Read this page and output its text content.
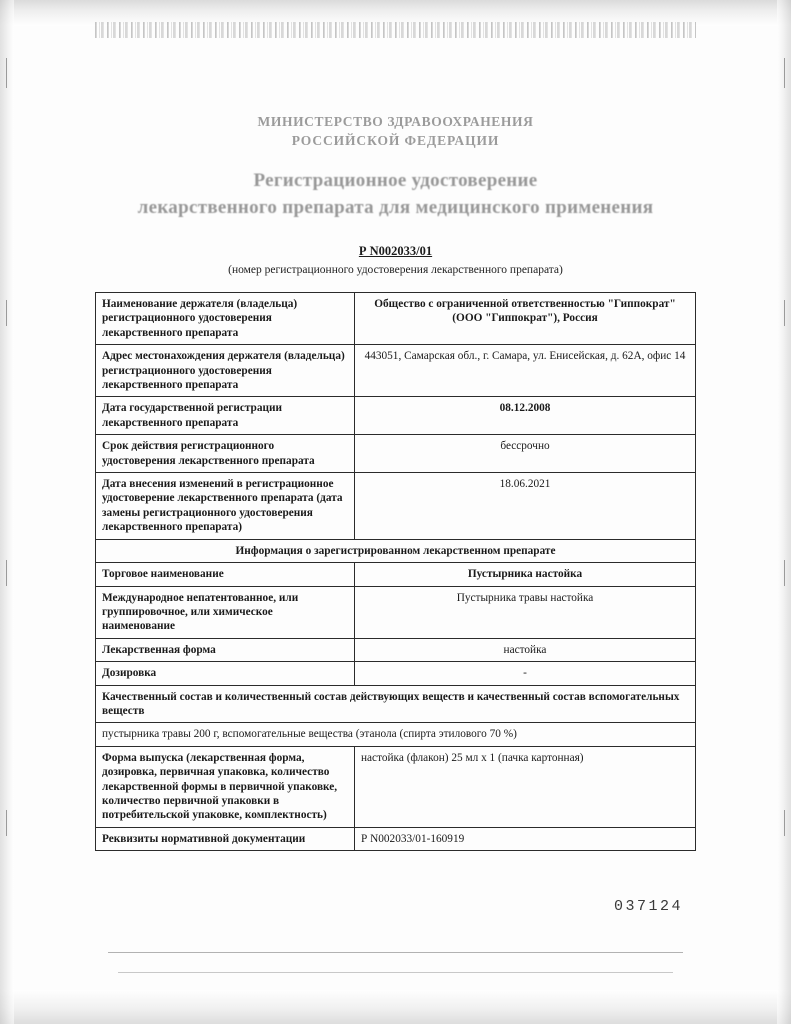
МИНИСТЕРСТВО ЗДРАВООХРАНЕНИЯ
РОССИЙСКОЙ ФЕДЕРАЦИИ
Регистрационное удостоверение
лекарственного препарата для медицинского применения
Р N002033/01
(номер регистрационного удостоверения лекарственного препарата)
Наименование держателя (владельца) регистрационного удостоверения лекарственного препарата	Общество с ограниченной ответственностью "Гиппократ" (ООО "Гиппократ"), Россия
Адрес местонахождения держателя (владельца) регистрационного удостоверения лекарственного препарата	443051, Самарская обл., г. Самара, ул. Енисейская, д. 62А, офис 14
Дата государственной регистрации лекарственного препарата	08.12.2008
Срок действия регистрационного удостоверения лекарственного препарата	бессрочно
Дата внесения изменений в регистрационное удостоверение лекарственного препарата (дата замены регистрационного удостоверения лекарственного препарата)	18.06.2021
Информация о зарегистрированном лекарственном препарате	
Торговое наименование	Пустырника настойка
Международное непатентованное, или группировочное, или химическое наименование	Пустырника травы настойка
Лекарственная форма	настойка
Дозировка	-
Качественный состав и количественный состав действующих веществ и качественный состав вспомогательных веществ	
пустырника травы 200 г, вспомогательные вещества (этанола (спирта этилового 70 %)	
Форма выпуска (лекарственная форма, дозировка, первичная упаковка, количество лекарственной формы в первичной упаковке, количество первичной упаковки в потребительской упаковке, комплектность)	настойка (флакон) 25 мл х 1 (пачка картонная)
Реквизиты нормативной документации	Р N002033/01-160919
037124
